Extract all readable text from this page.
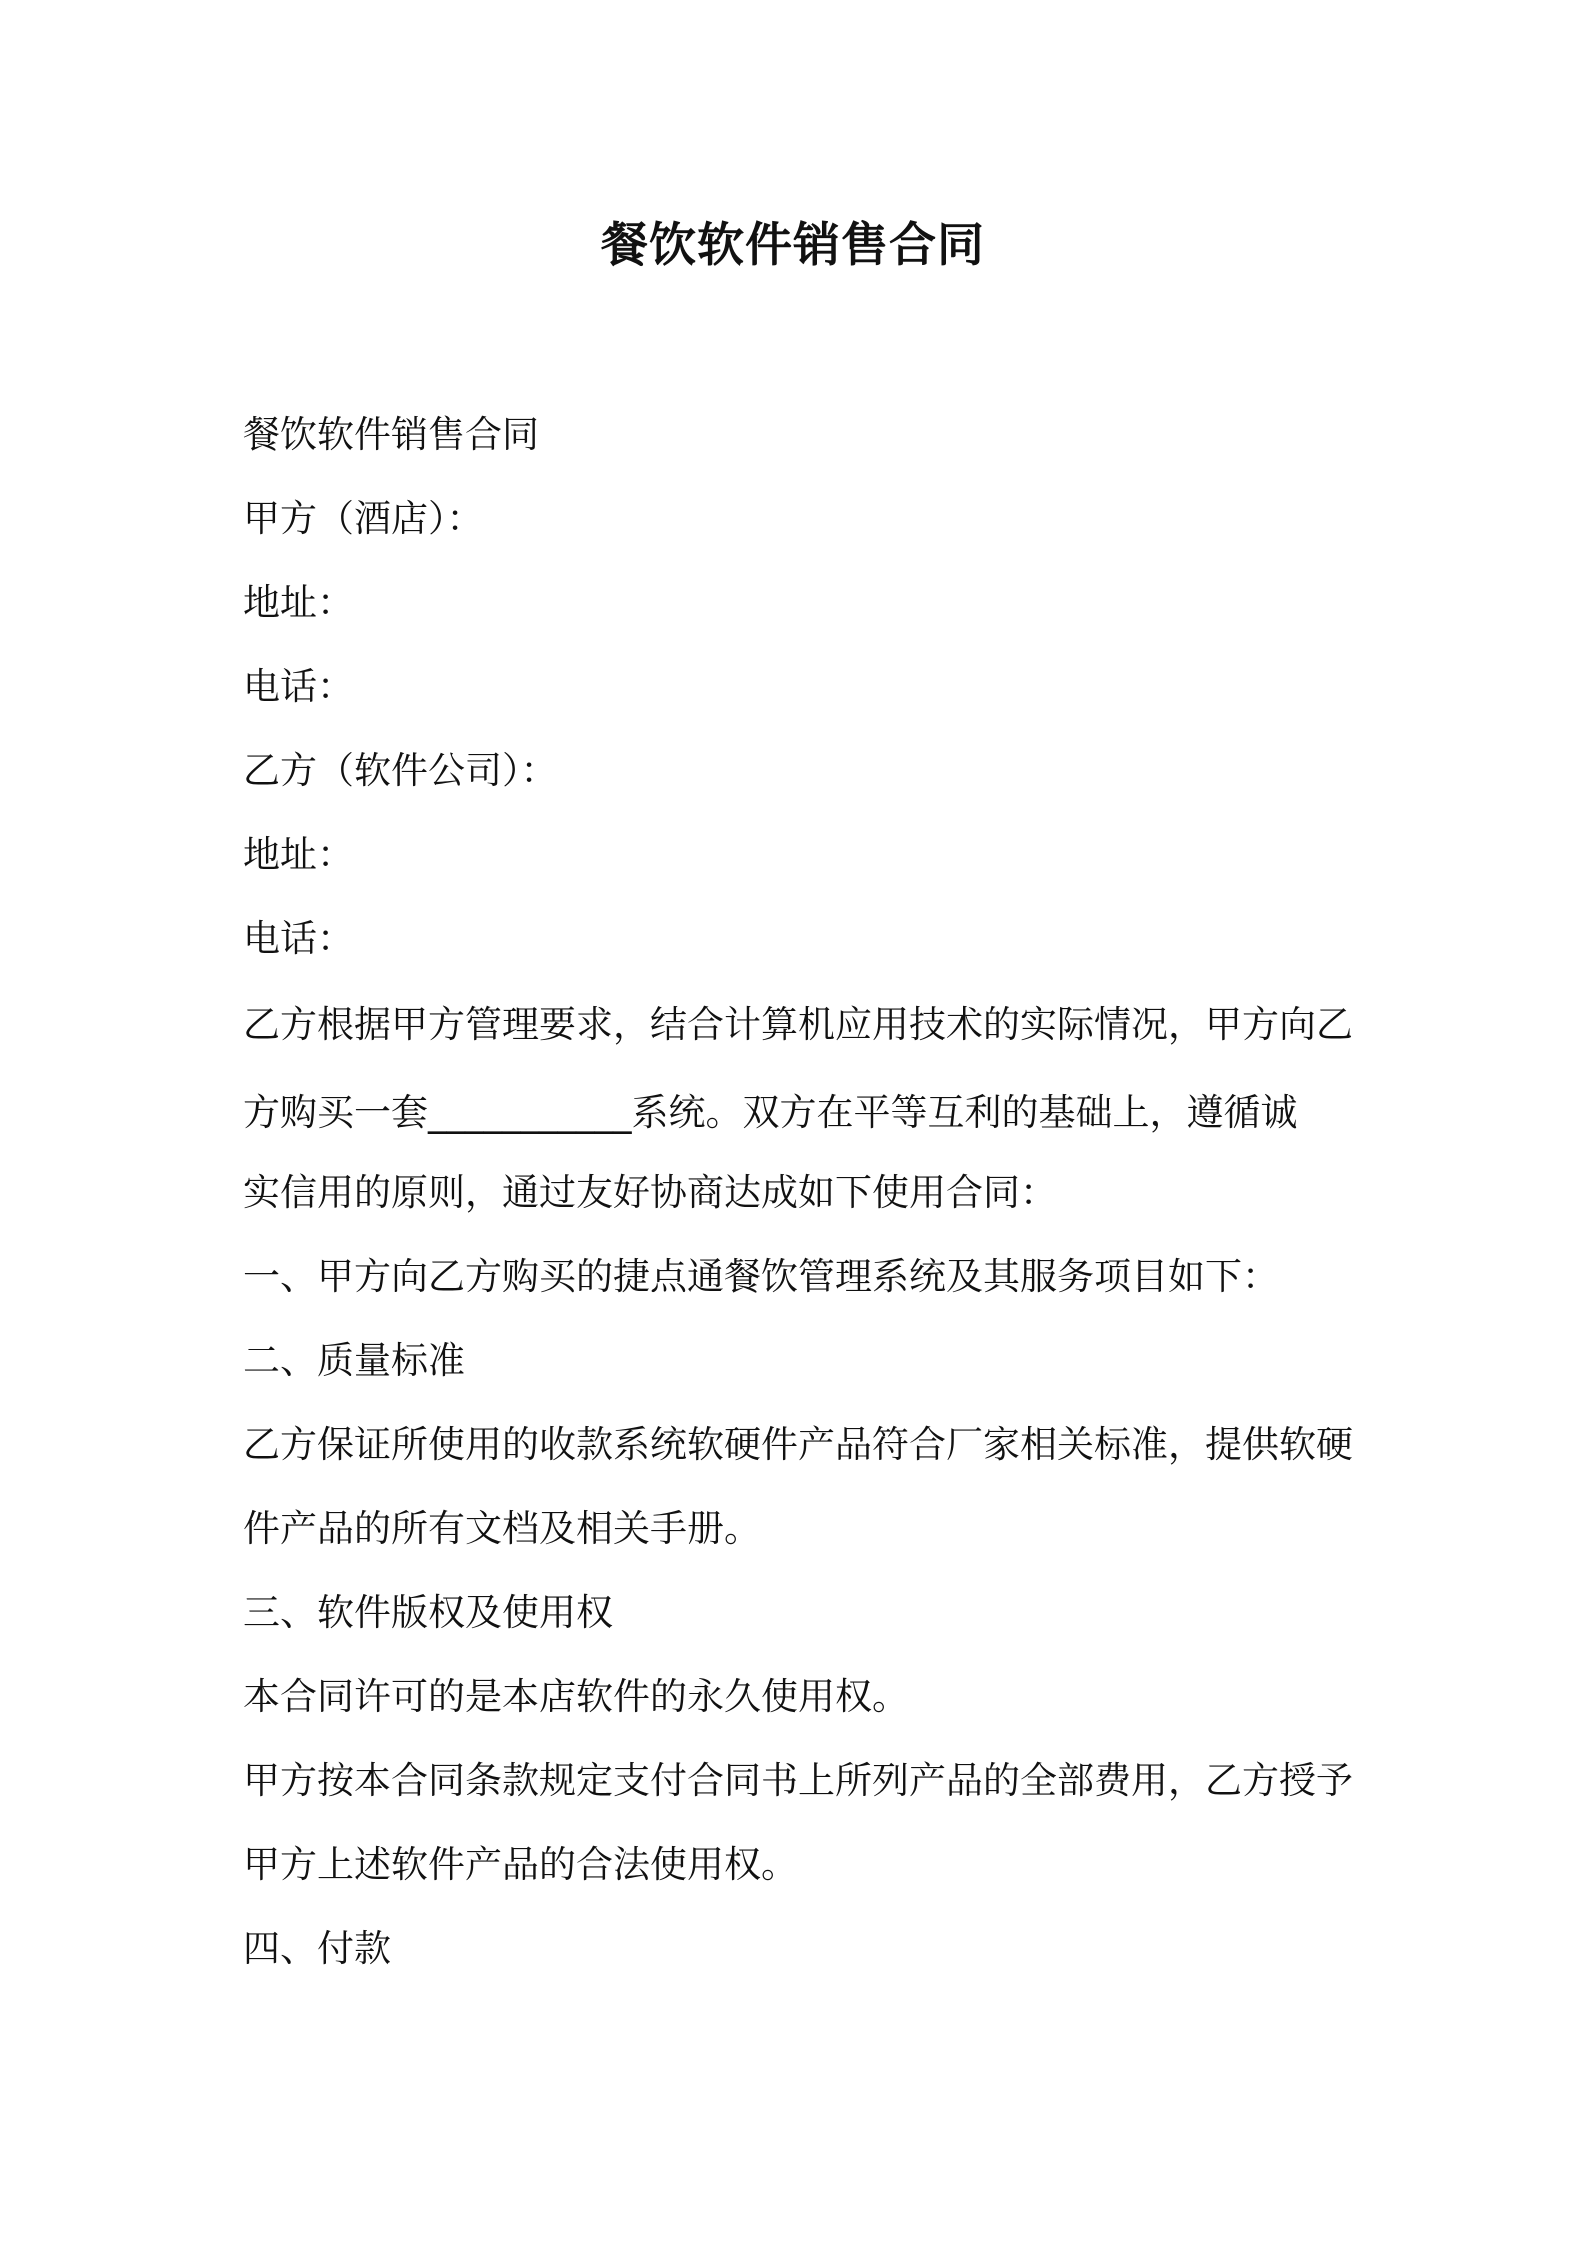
餐饮软件销售合同
餐饮软件销售合同
甲方（酒店）：
地址：
电话：
乙方（软件公司）：
地址：
电话：
乙方根据甲方管理要求，结合计算机应用技术的实际情况，甲方向乙
方购买一套___________系统。双方在平等互利的基础上，遵循诚
实信用的原则，通过友好协商达成如下使用合同：
一、甲方向乙方购买的捷点通餐饮管理系统及其服务项目如下：
二、质量标准
乙方保证所使用的收款系统软硬件产品符合厂家相关标准，提供软硬
件产品的所有文档及相关手册。
三、软件版权及使用权
本合同许可的是本店软件的永久使用权。
甲方按本合同条款规定支付合同书上所列产品的全部费用，乙方授予
甲方上述软件产品的合法使用权。
四、付款
